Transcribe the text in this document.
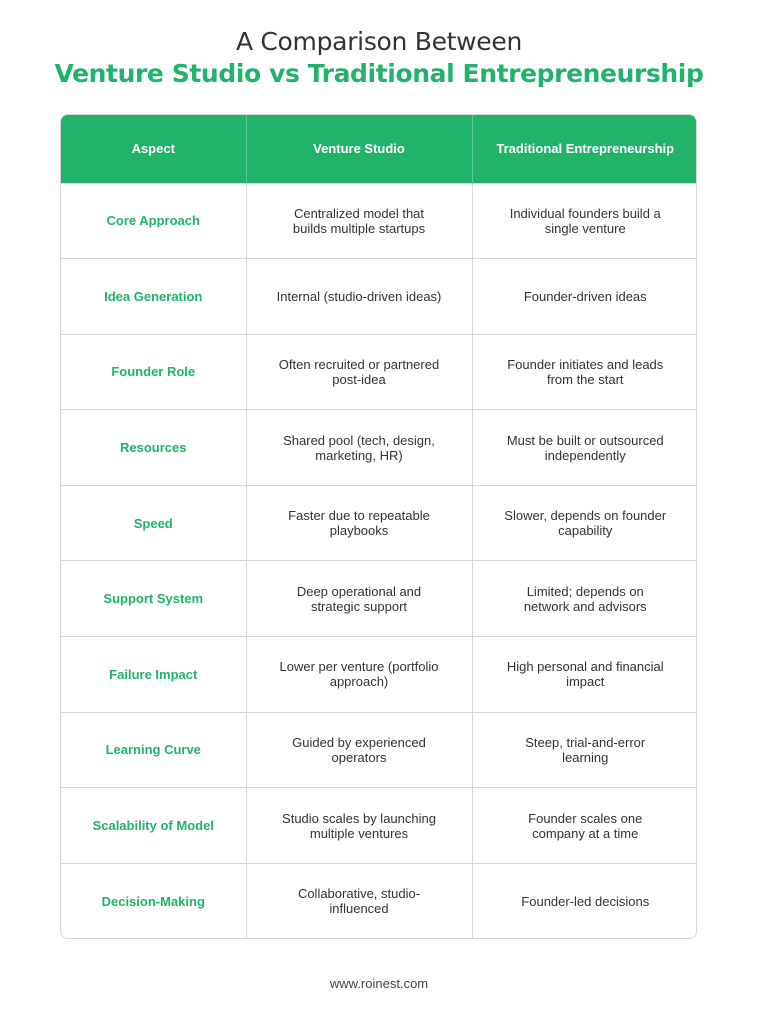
A Comparison Between
Venture Studio vs Traditional Entrepreneurship
Aspect	Venture Studio	Traditional Entrepreneurship
Core Approach	Centralized model that builds multiple startups	Individual founders build a single venture
Idea Generation	Internal (studio-driven ideas)	Founder-driven ideas
Founder Role	Often recruited or partnered post-idea	Founder initiates and leads from the start
Resources	Shared pool (tech, design, marketing, HR)	Must be built or outsourced independently
Speed	Faster due to repeatable playbooks	Slower, depends on founder capability
Support System	Deep operational and strategic support	Limited; depends on network and advisors
Failure Impact	Lower per venture (portfolio approach)	High personal and financial impact
Learning Curve	Guided by experienced operators	Steep, trial-and-error learning
Scalability of Model	Studio scales by launching multiple ventures	Founder scales one company at a time
Decision-Making	Collaborative, studio-influenced	Founder-led decisions
www.roinest.com
